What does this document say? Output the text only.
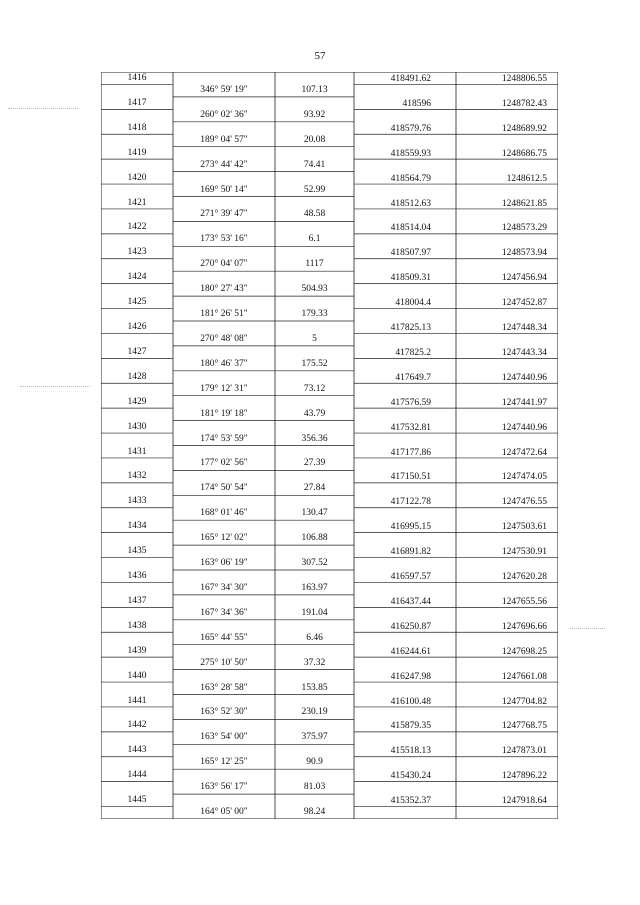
57
1416	418491.62	1248806.55
346° 59' 19"	107.13
1417	418596	1248782.43
260° 02' 36"	93.92
1418	418579.76	1248689.92
189° 04' 57"	20.08
1419	418559.93	1248686.75
273° 44' 42"	74.41
1420	418564.79	1248612.5
169° 50' 14"	52.99
1421	418512.63	1248621.85
271° 39' 47"	48.58
1422	418514.04	1248573.29
173° 53' 16"	6.1
1423	418507.97	1248573.94
270° 04' 07"	1117
1424	418509.31	1247456.94
180° 27' 43"	504.93
1425	418004.4	1247452.87
181° 26' 51"	179.33
1426	417825.13	1247448.34
270° 48' 08"	5
1427	417825.2	1247443.34
180° 46' 37"	175.52
1428	417649.7	1247440.96
179° 12' 31"	73.12
1429	417576.59	1247441.97
181° 19' 18"	43.79
1430	417532.81	1247440.96
174° 53' 59"	356.36
1431	417177.86	1247472.64
177° 02' 56"	27.39
1432	417150.51	1247474.05
174° 50' 54"	27.84
1433	417122.78	1247476.55
168° 01' 46"	130.47
1434	416995.15	1247503.61
165° 12' 02"	106.88
1435	416891.82	1247530.91
163° 06' 19"	307.52
1436	416597.57	1247620.28
167° 34' 30"	163.97
1437	416437.44	1247655.56
167° 34' 36"	191.04
1438	416250.87	1247696.66
165° 44' 55"	6.46
1439	416244.61	1247698.25
275° 10' 50"	37.32
1440	416247.98	1247661.08
163° 28' 58"	153.85
1441	416100.48	1247704.82
163° 52' 30"	230.19
1442	415879.35	1247768.75
163° 54' 00"	375.97
1443	415518.13	1247873.01
165° 12' 25"	90.9
1444	415430.24	1247896.22
163° 56' 17"	81.03
1445	415352.37	1247918.64
164° 05' 00"	98.24
